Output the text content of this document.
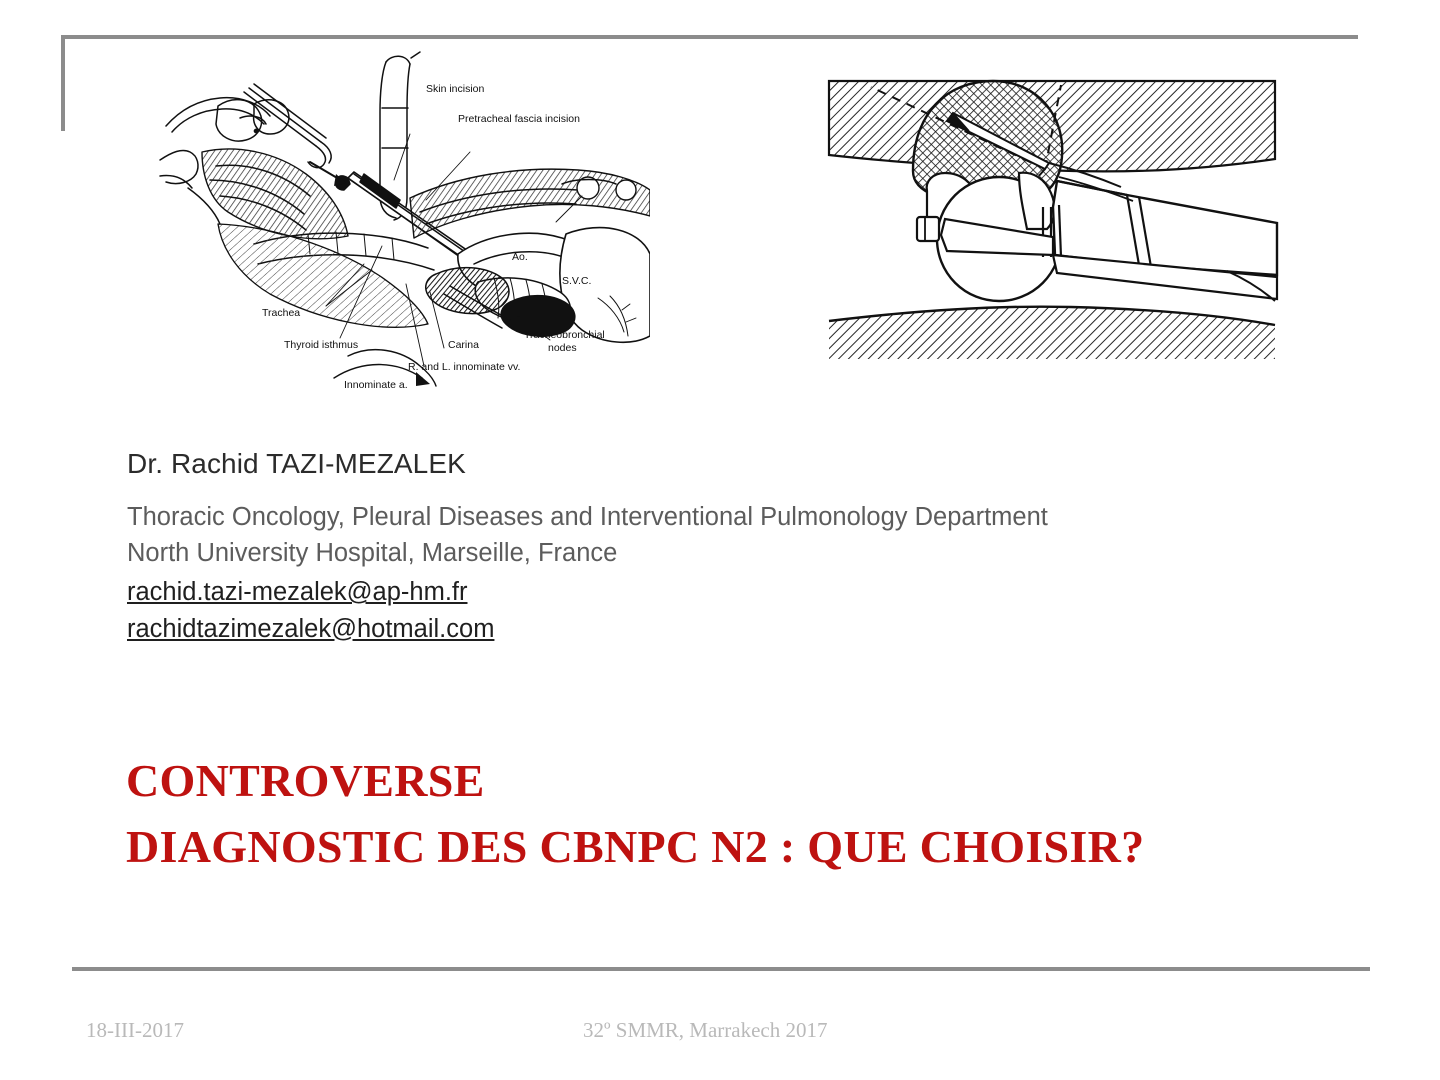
Skin incision
Pretracheal fascia incision
Ao.
S.V.C.
Trachea
Thyroid isthmus	Carina
Tracheobronchial
nodes
R. and L. innominate vv.
Innominate a.
Dr. Rachid TAZI-MEZALEK
Thoracic Oncology, Pleural Diseases and Interventional Pulmonology Department
North University Hospital, Marseille, France
rachid.tazi-mezalek@ap-hm.fr
rachidtazimezalek@hotmail.com
CONTROVERSE
DIAGNOSTIC DES CBNPC N2 : QUE CHOISIR?
18-III-2017	32º SMMR, Marrakech 2017
